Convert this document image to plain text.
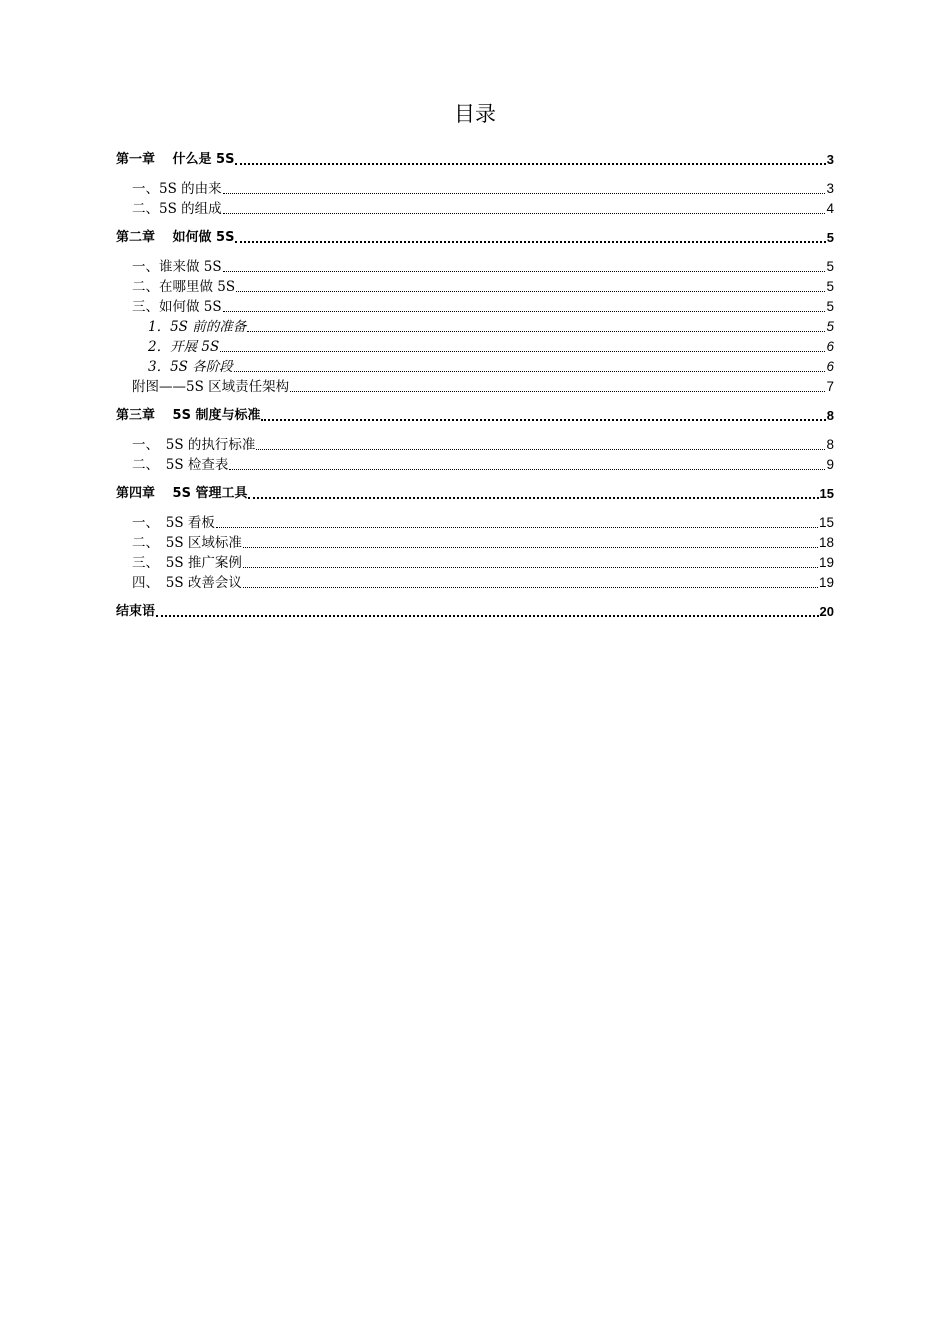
目录
第一章　 什么是 5S	3
一、5S 的由来	3
二、5S 的组成	4
第二章　 如何做 5S	5
一、谁来做 5S	5
二、在哪里做 5S	5
三、如何做 5S	5
1．5S 前的准备	5
2．开展 5S	6
3．5S 各阶段	6
附图——5S 区域责任架构	7
第三章　 5S 制度与标准	8
一、　5S 的执行标准	8
二、　5S 检查表	9
第四章　 5S 管理工具	15
一、　5S 看板	15
二、　5S 区域标准	18
三、　5S 推广案例	19
四、　5S 改善会议	19
结束语	20
